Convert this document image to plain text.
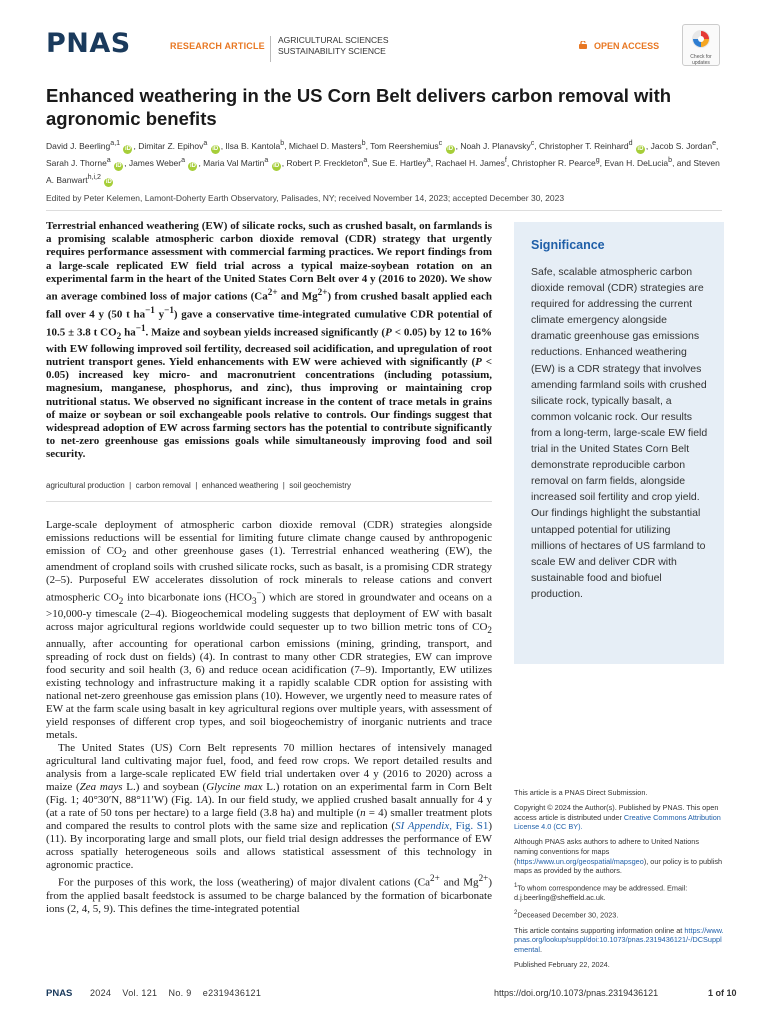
PNAS	RESEARCH ARTICLE
AGRICULTURAL SCIENCES
SUSTAINABILITY SCIENCE	OPEN ACCESS
Check for
updates
Enhanced weathering in the US Corn Belt delivers carbon removal with agronomic benefits
David J. Beerling$^{a,1}$ iD , Dimitar Z. Epihov$^a$ iD , Ilsa B. Kantola$^b$, Michael D. Masters$^b$, Tom Reershemius$^c$ iD , Noah J. Planavsky$^c$, Christopher T. Reinhard$^d$ iD , Jacob S. Jordan$^e$, Sarah J. Thorne$^a$ iD , James Weber$^a$ iD , Maria Val Martin$^a$ iD , Robert P. Freckleton$^a$, Sue E. Hartley$^a$, Rachael H. James$^f$, Christopher R. Pearce$^g$, Evan H. DeLucia$^b$, and Steven A. Banwart$^{h,i,2}$ iD
Edited by Peter Kelemen, Lamont-Doherty Earth Observatory, Palisades, NY; received November 14, 2023; accepted December 30, 2023
Terrestrial enhanced weathering (EW) of silicate rocks, such as crushed basalt, on farmlands is a promising scalable atmospheric carbon dioxide removal (CDR) strategy that urgently requires performance assessment with commercial farming practices. We report findings from a large-scale replicated EW field trial across a typical maize-soybean rotation on an experimental farm in the heart of the United States Corn Belt over 4 y (2016 to 2020). We show an average combined loss of major cations ($Ca^{2+}$ and $Mg^{2+}$) from crushed basalt applied each fall over 4 y (50 t $ha^{-1}$ $y^{-1}$) gave a conservative time-integrated cumulative CDR potential of 10.5 ± 3.8 t $CO_2$ $ha^{-1}$. Maize and soybean yields increased significantly (P < 0.05) by 12 to 16% with EW following improved soil fertility, decreased soil acidification, and upregulation of root nutrient transport genes. Yield enhancements with EW were achieved with significantly (P < 0.05) increased key micro- and macronutrient concentrations (including potassium, magnesium, manganese, phosphorus, and zinc), thus improving or maintaining crop nutritional status. We observed no significant increase in the content of trace metals in grains of maize or soybean or soil exchangeable pools relative to controls. Our findings suggest that widespread adoption of EW across farming sectors has the potential to contribute significantly to net-zero greenhouse gas emissions goals while simultaneously improving food and soil security.
agricultural production  |  carbon removal  |  enhanced weathering  |  soil geochemistry

Large-scale deployment of atmospheric carbon dioxide removal (CDR) strategies alongside emissions reductions will be essential for limiting future climate change caused by anthropogenic emission of $CO_2$ and other greenhouse gases (1). Terrestrial enhanced weathering (EW), the amendment of cropland soils with crushed silicate rocks, such as basalt, is a promising CDR strategy (2–5). Purposeful EW accelerates dissolution of rock minerals to release cations and convert atmospheric $CO_2$ into bicarbonate ions $(HCO_3^-)$ which are stored in groundwater and oceans on a >10,000-y timescale (2–4). Biogeochemical modeling suggests that deployment of EW with basalt across major agricultural regions worldwide could sequester up to two billion metric tons of $CO_2$ annually, after accounting for operational carbon emissions (mining, grinding, transport, and spreading of rock dust on fields) (4). In contrast to many other CDR strategies, EW can improve food security and soil health (3, 6) and reduce ocean acidification (7–9). Importantly, EW utilizes existing technology and infrastructure making it a rapidly scalable CDR option for assisting with national net-zero greenhouse gas emission plans (10). However, we urgently need to measure rates of EW at the farm scale using basalt in key agricultural regions over multiple years, with assessment of yield responses of different crop types, and soil biogeochemistry of inorganic nutrients and trace metals.

The United States (US) Corn Belt represents 70 million hectares of intensively managed agricultural land cultivating major fuel, food, and feed row crops. We report detailed results and analysis from a large-scale replicated EW field trial undertaken over 4 y (2016 to 2020) across a maize (Zea mays L.) and soybean (Glycine max L.) rotation on an experimental farm in Corn Belt (Fig. 1; 40°30′N, 88°11′W) (Fig. 1A). In our field study, we applied crushed basalt annually for 4 y (at a rate of 50 tons per hectare) to a large field (3.8 ha) and multiple (n = 4) smaller treatment plots and compared the results to control plots with the same size and replication (SI Appendix, Fig. S1) (11). By incorporating large and small plots, our field trial design addresses the performance of EW across spatially heterogeneous soils and allows statistical assessment of this technology in agronomic practice.

For the purposes of this work, the loss (weathering) of major divalent cations ($Ca^{2+}$ and $Mg^{2+}$) from the applied basalt feedstock is assumed to be charge balanced by the formation of bicarbonate ions (2, 4, 5, 9). This defines the time-integrated potential

Significance
Safe, scalable atmospheric carbon dioxide removal (CDR) strategies are required for addressing the current climate emergency alongside dramatic greenhouse gas emissions reductions. Enhanced weathering (EW) is a CDR strategy that involves amending farmland soils with crushed silicate rock, typically basalt, a common volcanic rock. Our results from a long-term, large-scale EW field trial in the United States Corn Belt demonstrate reproducible carbon removal on farm fields, alongside increased soil fertility and crop yield. Our findings highlight the substantial untapped potential for utilizing millions of hectares of US farmland to scale EW and deliver CDR with sustainable food and biofuel production.

This article is a PNAS Direct Submission.

Copyright © 2024 the Author(s). Published by PNAS. This open access article is distributed under Creative Commons Attribution License 4.0 (CC BY).

Although PNAS asks authors to adhere to United Nations naming conventions for maps (https://www.un.org/geospatial/mapsgeo), our policy is to publish maps as provided by the authors.

$^1$To whom correspondence may be addressed. Email: d.j.beerling@sheffield.ac.uk.

$^2$Deceased December 30, 2023.

This article contains supporting information online at https://www.pnas.org/lookup/suppl/doi:10.1073/pnas.2319436121/-/DCSupplemental.

Published February 22, 2024.

PNAS 2024    Vol. 121    No. 9    e2319436121	https://doi.org/10.1073/pnas.2319436121	1 of 10
